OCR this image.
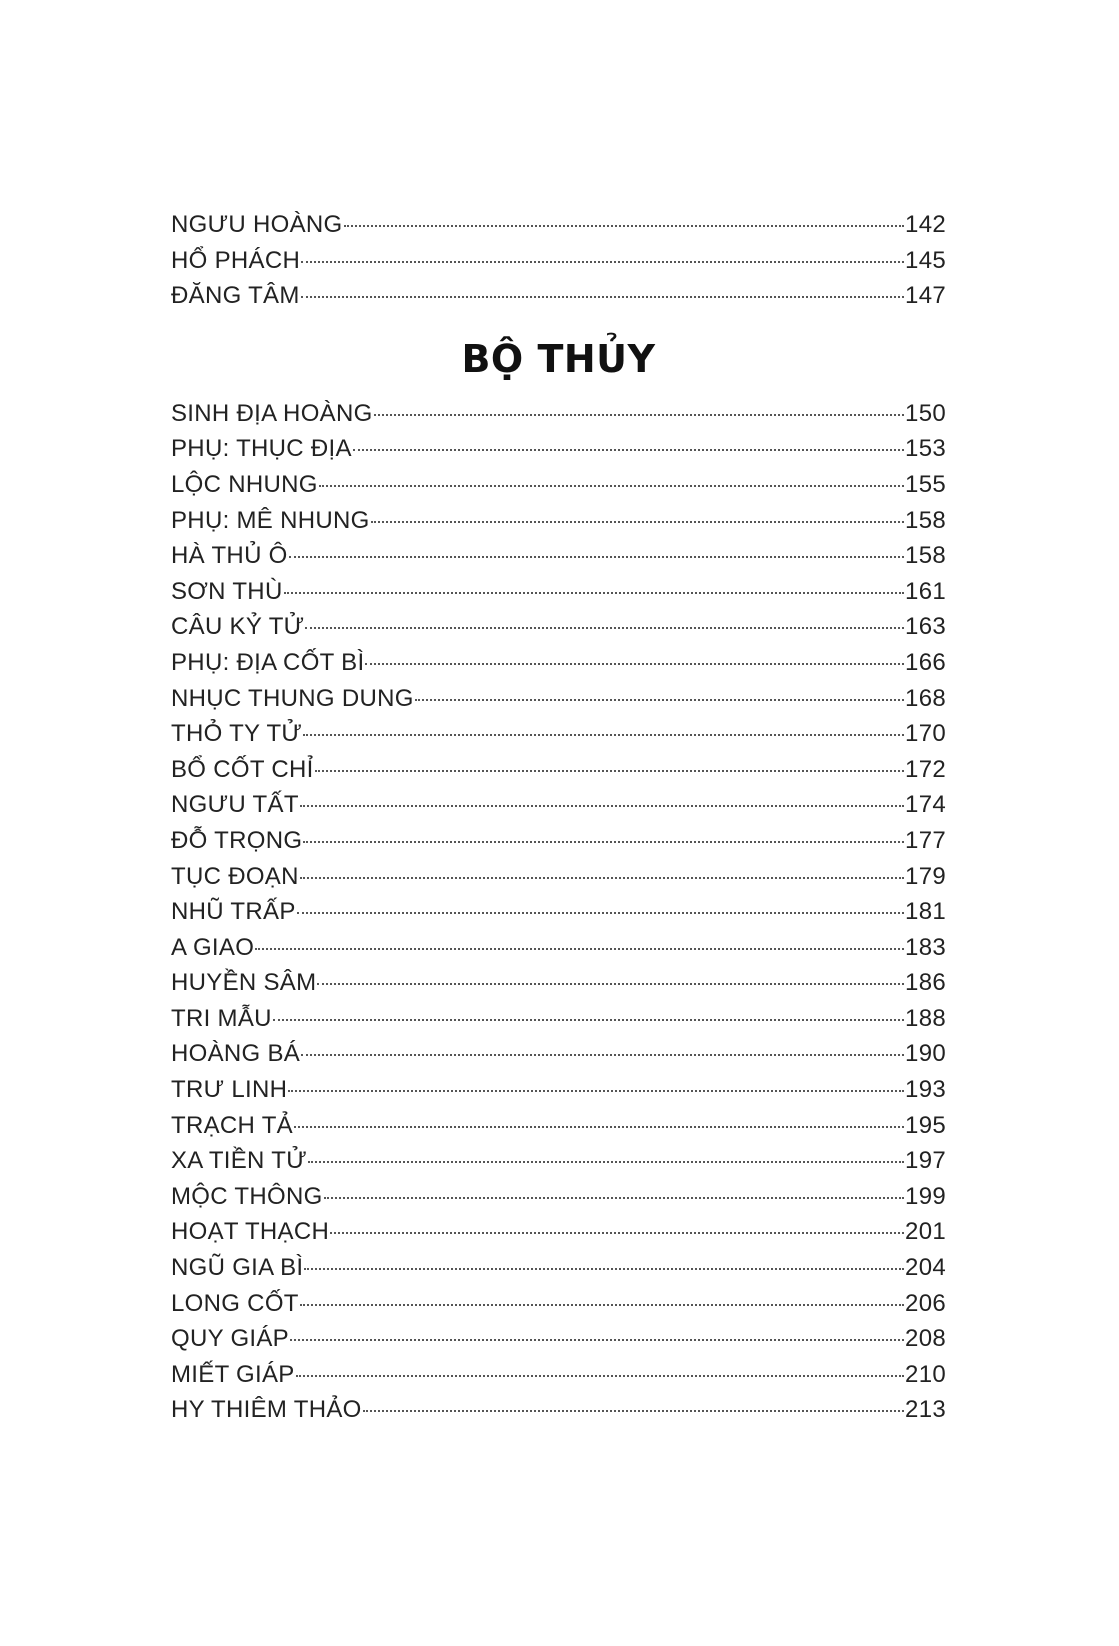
NGƯU HOÀNG	142
HỔ PHÁCH	145
ĐĂNG TÂM	147
BỘ THỦY
SINH ĐỊA HOÀNG	150
PHỤ: THỤC ĐỊA	153
LỘC NHUNG	155
PHỤ: MÊ NHUNG	158
HÀ THỦ Ô	158
SƠN THÙ	161
CÂU KỶ TỬ	163
PHỤ: ĐỊA CỐT BÌ	166
NHỤC THUNG DUNG	168
THỎ TY TỬ	170
BỔ CỐT CHỈ	172
NGƯU TẤT	174
ĐỖ TRỌNG	177
TỤC ĐOẠN	179
NHŨ TRẤP	181
A GIAO	183
HUYỀN SÂM	186
TRI MẪU	188
HOÀNG BÁ	190
TRƯ LINH	193
TRẠCH TẢ	195
XA TIỀN TỬ	197
MỘC THÔNG	199
HOẠT THẠCH	201
NGŨ GIA BÌ	204
LONG CỐT	206
QUY GIÁP	208
MIẾT GIÁP	210
HY THIÊM THẢO	213
